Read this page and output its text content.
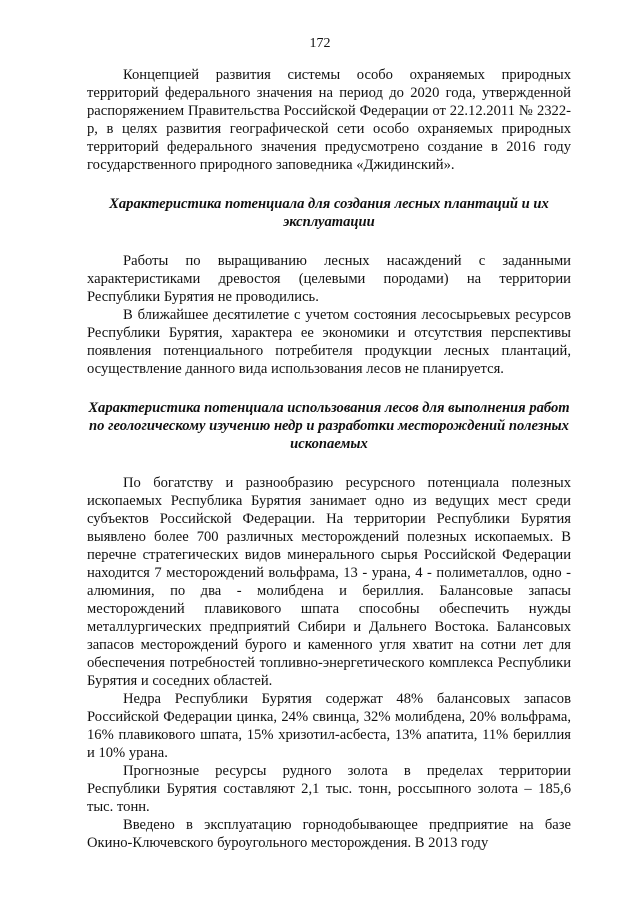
172

Концепцией развития системы особо охраняемых природных территорий федерального значения на период до 2020 года, утвержденной распоряжением Правительства Российской Федерации от 22.12.2011 № 2322-р, в целях развития географической сети особо охраняемых природных территорий федерального значения предусмотрено создание в 2016 году государственного природного заповедника «Джидинский».

Характеристика потенциала для создания лесных плантаций и их эксплуатации

Работы по выращиванию лесных насаждений с заданными характеристиками древостоя (целевыми породами) на территории Республики Бурятия не проводились.

В ближайшее десятилетие с учетом состояния лесосырьевых ресурсов Республики Бурятия, характера ее экономики и отсутствия перспективы появления потенциального потребителя продукции лесных плантаций, осуществление данного вида использования лесов не планируется.

Характеристика потенциала использования лесов для выполнения работ по геологическому изучению недр и разработки месторождений полезных ископаемых

По богатству и разнообразию ресурсного потенциала полезных ископаемых Республика Бурятия занимает одно из ведущих мест среди субъектов Российской Федерации. На территории Республики Бурятия выявлено более 700 различных месторождений полезных ископаемых. В перечне стратегических видов минерального сырья Российской Федерации находится 7 месторождений вольфрама, 13 - урана, 4 - полиметаллов, одно - алюминия, по два - молибдена и бериллия. Балансовые запасы месторождений плавикового шпата способны обеспечить нужды металлургических предприятий Сибири и Дальнего Востока. Балансовых запасов месторождений бурого и каменного угля хватит на сотни лет для обеспечения потребностей топливно-энергетического комплекса Республики Бурятия и соседних областей.

Недра Республики Бурятия содержат 48% балансовых запасов Российской Федерации цинка, 24% свинца, 32% молибдена, 20% вольфрама, 16% плавикового шпата, 15% хризотил-асбеста, 13% апатита, 11% бериллия и 10% урана.

Прогнозные ресурсы рудного золота в пределах территории Республики Бурятия составляют 2,1 тыс. тонн, россыпного золота – 185,6 тыс. тонн.

Введено в эксплуатацию горнодобывающее предприятие на базе Окино-Ключевского буроугольного месторождения. В 2013 году
